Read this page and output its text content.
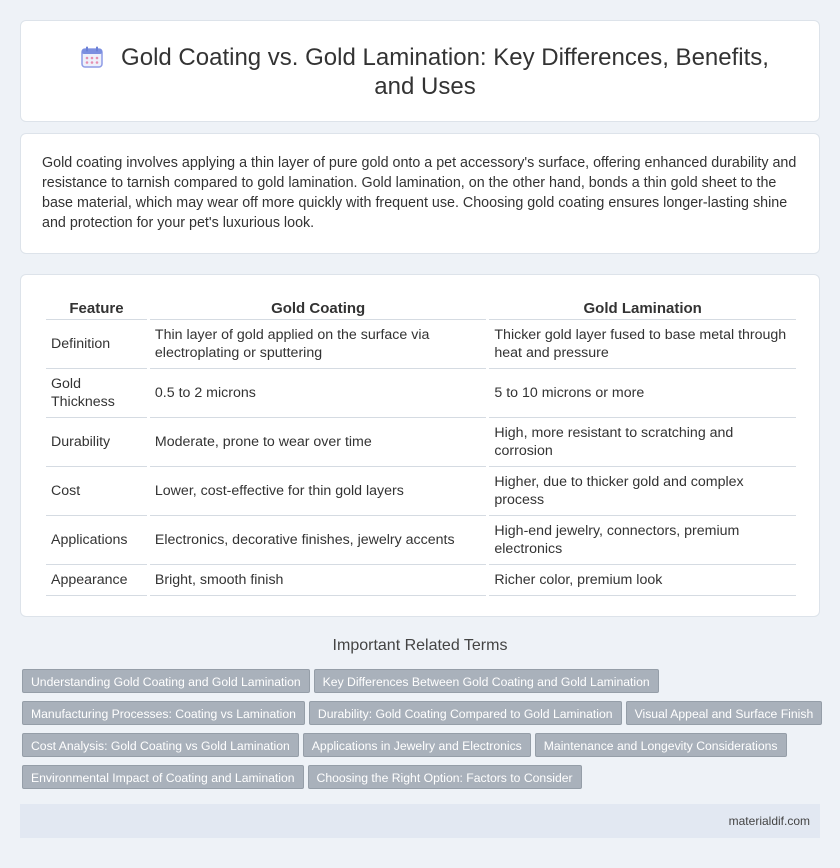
Gold Coating vs. Gold Lamination: Key Differences, Benefits, and Uses

Gold coating involves applying a thin layer of pure gold onto a pet accessory's surface, offering enhanced durability and resistance to tarnish compared to gold lamination. Gold lamination, on the other hand, bonds a thin gold sheet to the base material, which may wear off more quickly with frequent use. Choosing gold coating ensures longer-lasting shine and protection for your pet's luxurious look.

Feature	Gold Coating	Gold Lamination
Definition	Thin layer of gold applied on the surface via electroplating or sputtering	Thicker gold layer fused to base metal through heat and pressure
Gold Thickness	0.5 to 2 microns	5 to 10 microns or more
Durability	Moderate, prone to wear over time	High, more resistant to scratching and corrosion
Cost	Lower, cost-effective for thin gold layers	Higher, due to thicker gold and complex process
Applications	Electronics, decorative finishes, jewelry accents	High-end jewelry, connectors, premium electronics
Appearance	Bright, smooth finish	Richer color, premium look
Important Related Terms
Understanding Gold Coating and Gold Lamination Key Differences Between Gold Coating and Gold Lamination
Manufacturing Processes: Coating vs Lamination Durability: Gold Coating Compared to Gold Lamination Visual Appeal and Surface Finish
Cost Analysis: Gold Coating vs Gold Lamination Applications in Jewelry and Electronics Maintenance and Longevity Considerations
Environmental Impact of Coating and Lamination Choosing the Right Option: Factors to Consider
materialdif.com
